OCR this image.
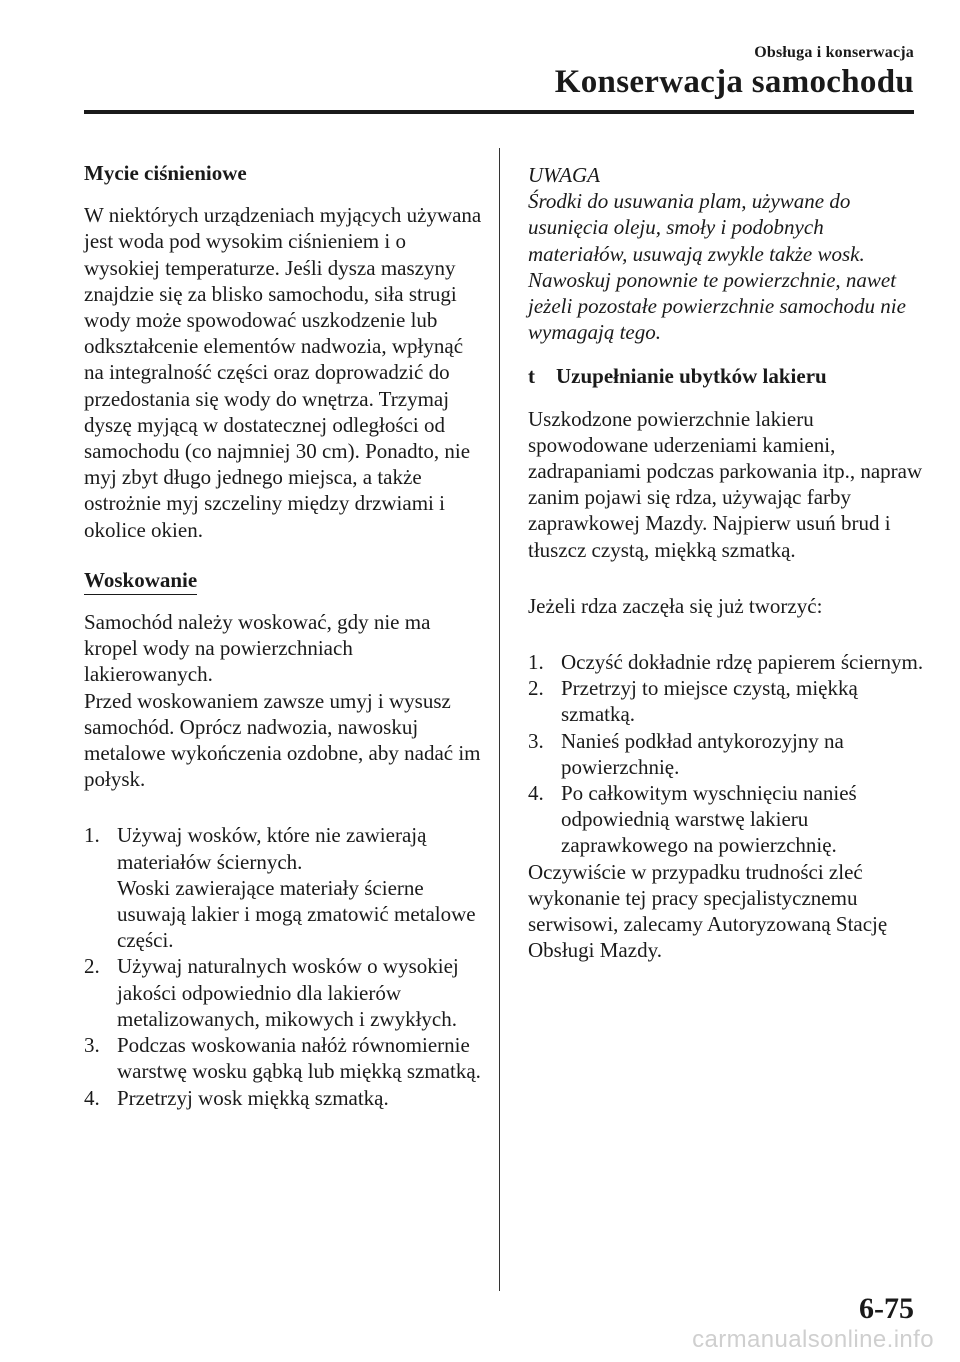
Obsługa i konserwacja
Konserwacja samochodu
Mycie ciśnieniowe
W niektórych urządzeniach myjących używana jest woda pod wysokim ciśnieniem i o wysokiej temperaturze. Jeśli dysza maszyny znajdzie się za blisko samochodu, siła strugi wody może spowodować uszkodzenie lub odkształcenie elementów nadwozia, wpłynąć na integralność części oraz doprowadzić do przedostania się wody do wnętrza. Trzymaj dyszę myjącą w dostatecznej odległości od samochodu (co najmniej 30 cm). Ponadto, nie myj zbyt długo jednego miejsca, a także ostrożnie myj szczeliny między drzwiami i okolice okien.
Woskowanie
Samochód należy woskować, gdy nie ma kropel wody na powierzchniach lakierowanych.
Przed woskowaniem zawsze umyj i wysusz samochód. Oprócz nadwozia, nawoskuj metalowe wykończenia ozdobne, aby nadać im połysk.
1. Używaj wosków, które nie zawierają materiałów ściernych.
Woski zawierające materiały ścierne usuwają lakier i mogą zmatowić metalowe części.
2. Używaj naturalnych wosków o wysokiej jakości odpowiednio dla lakierów metalizowanych, mikowych i zwykłych.
3. Podczas woskowania nałóż równomiernie warstwę wosku gąbką lub miękką szmatką.
4. Przetrzyj wosk miękką szmatką.
UWAGA
Środki do usuwania plam, używane do usunięcia oleju, smoły i podobnych materiałów, usuwają zwykle także wosk. Nawoskuj ponownie te powierzchnie, nawet jeżeli pozostałe powierzchnie samochodu nie wymagają tego.
t Uzupełnianie ubytków lakieru
Uszkodzone powierzchnie lakieru spowodowane uderzeniami kamieni, zadrapaniami podczas parkowania itp., napraw zanim pojawi się rdza, używając farby zaprawkowej Mazdy. Najpierw usuń brud i tłuszcz czystą, miękką szmatką.
Jeżeli rdza zaczęła się już tworzyć:
1. Oczyść dokładnie rdzę papierem ściernym.
2. Przetrzyj to miejsce czystą, miękką szmatką.
3. Nanieś podkład antykorozyjny na powierzchnię.
4. Po całkowitym wyschnięciu nanieś odpowiednią warstwę lakieru zaprawkowego na powierzchnię.
Oczywiście w przypadku trudności zleć wykonanie tej pracy specjalistycznemu serwisowi, zalecamy Autoryzowaną Stację Obsługi Mazdy.
6-75
carmanualsonline.info
